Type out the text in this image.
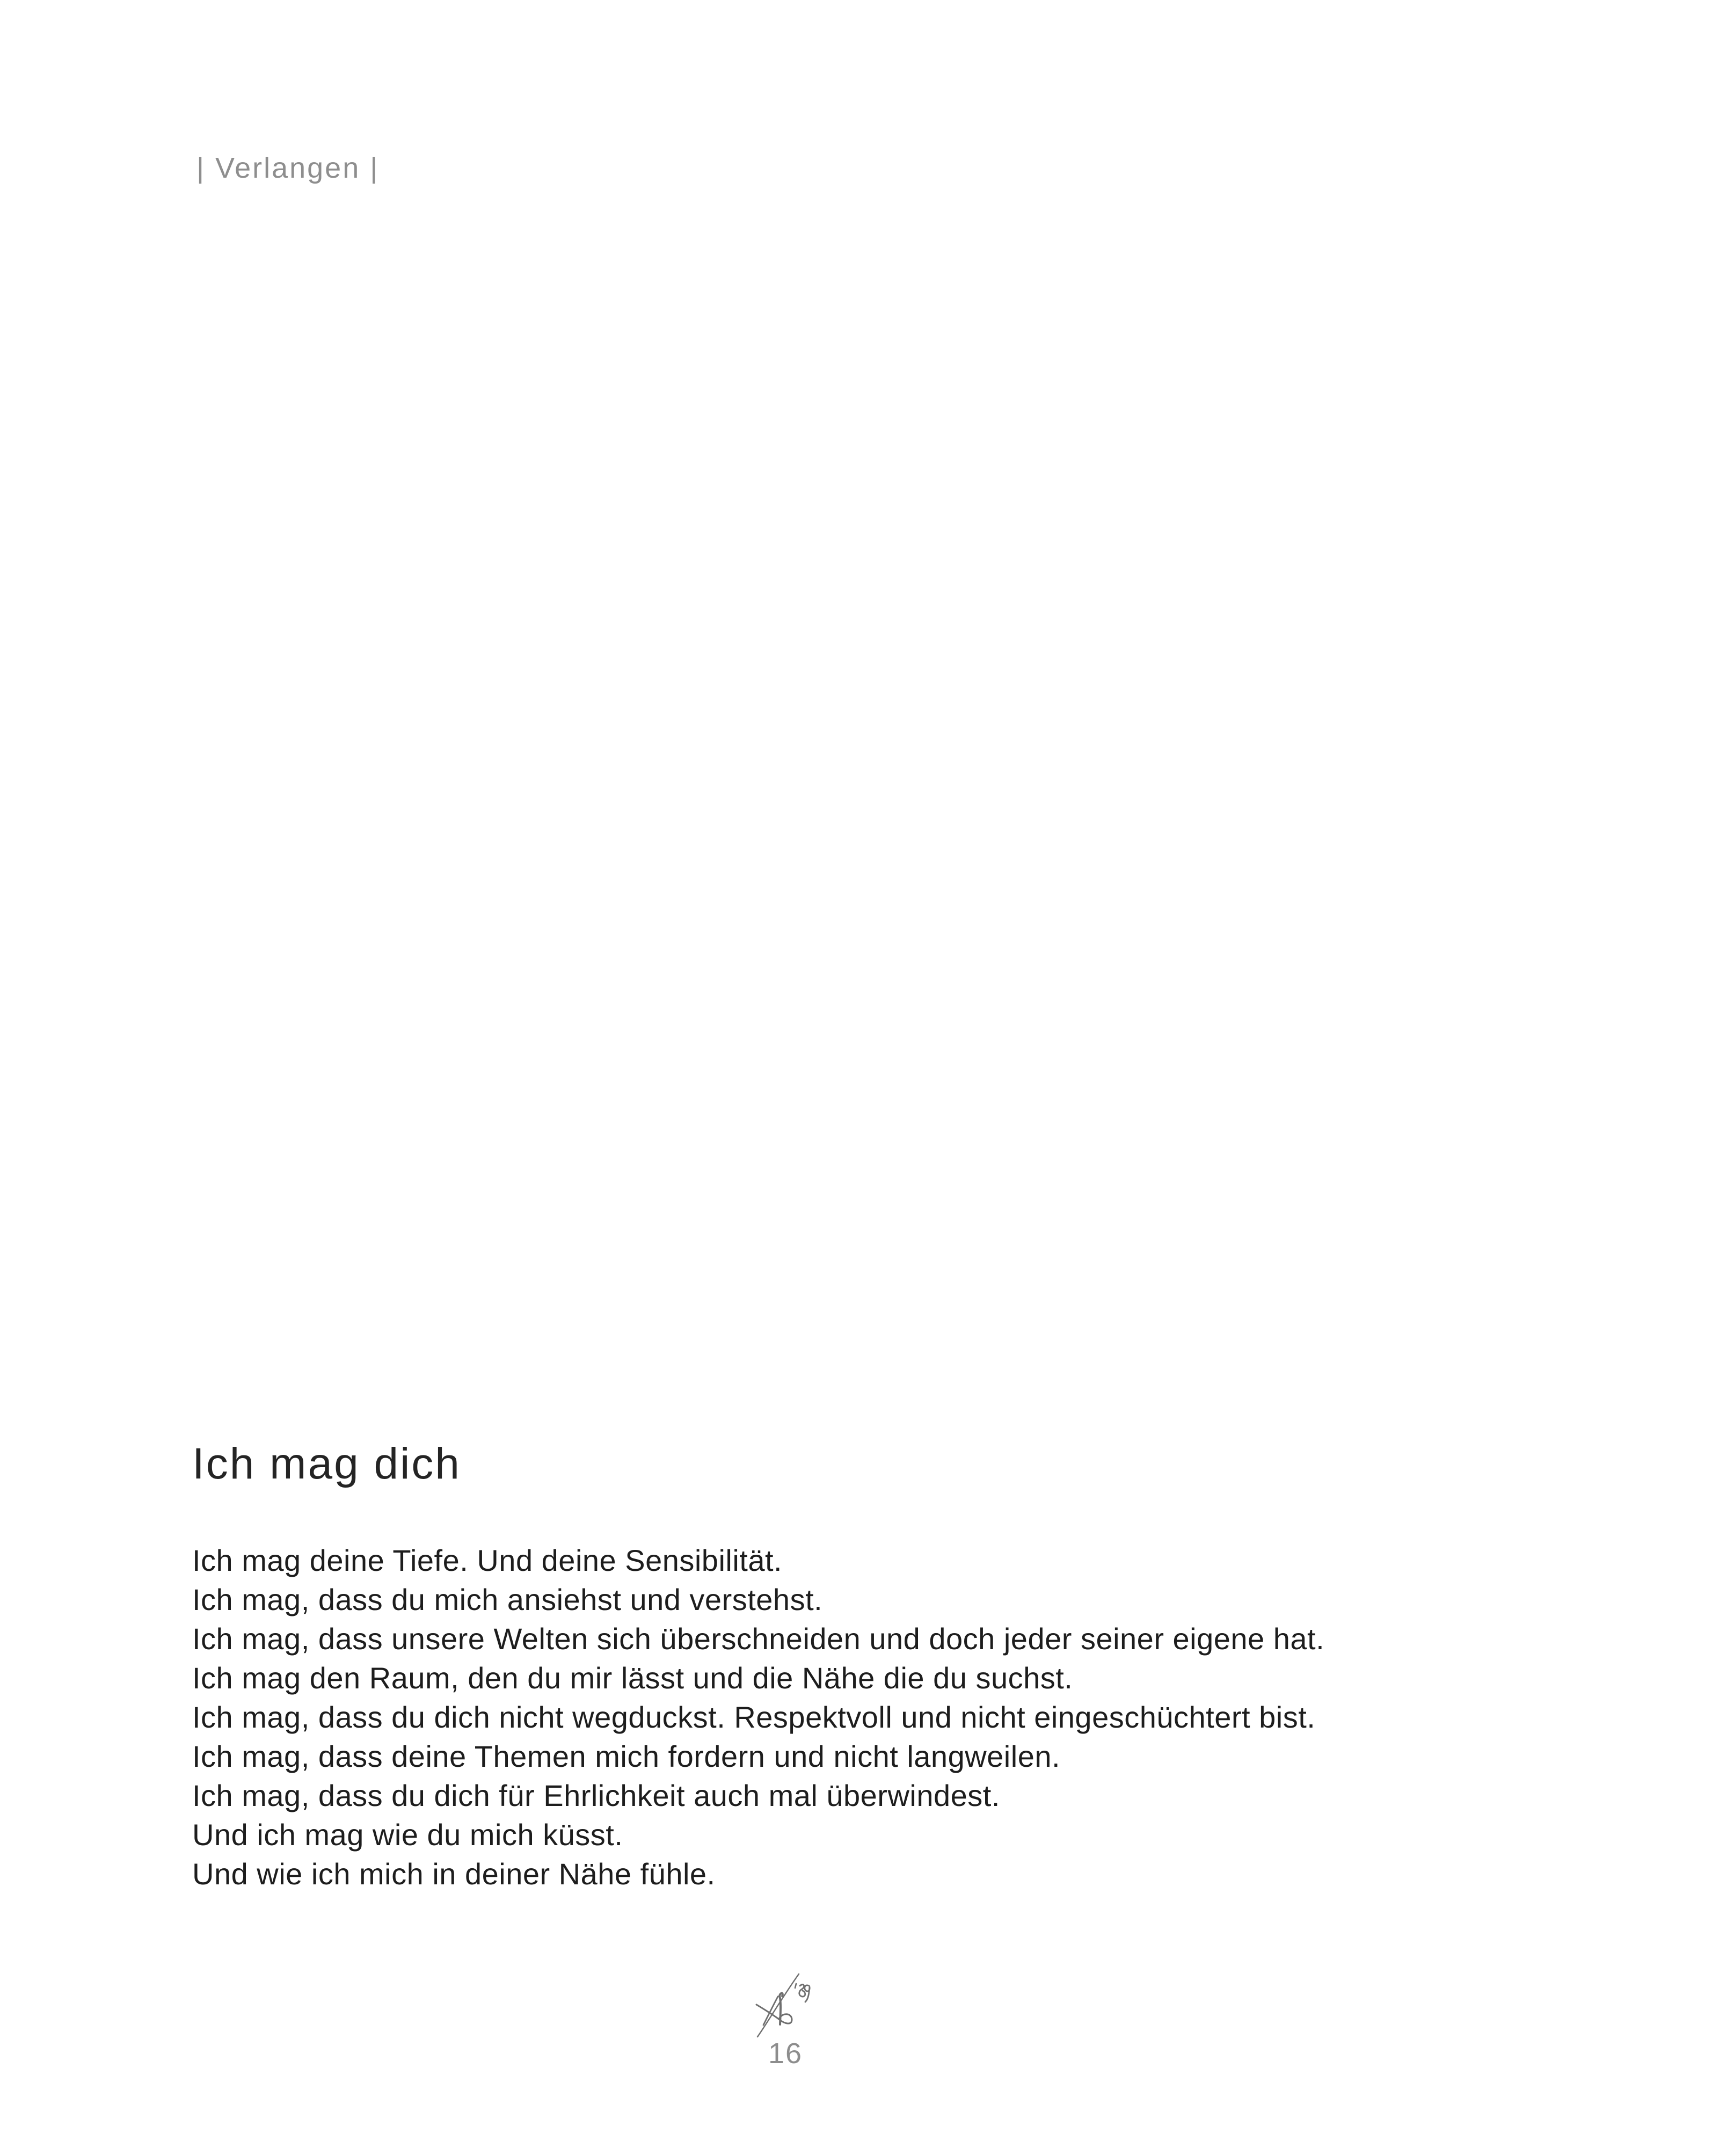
| Verlangen |
Ich mag dich
Ich mag deine Tiefe. Und deine Sensibilität.
Ich mag, dass du mich ansiehst und verstehst.
Ich mag, dass unsere Welten sich überschneiden und doch jeder seiner eigene hat.
Ich mag den Raum, den du mir lässt und die Nähe die du suchst.
Ich mag, dass du dich nicht wegduckst. Respektvoll und nicht eingeschüchtert bist.
Ich mag, dass deine Themen mich fordern und nicht langweilen.
Ich mag, dass du dich für Ehrlichkeit auch mal überwindest.
Und ich mag wie du mich küsst.
Und wie ich mich in deiner Nähe fühle.
16
